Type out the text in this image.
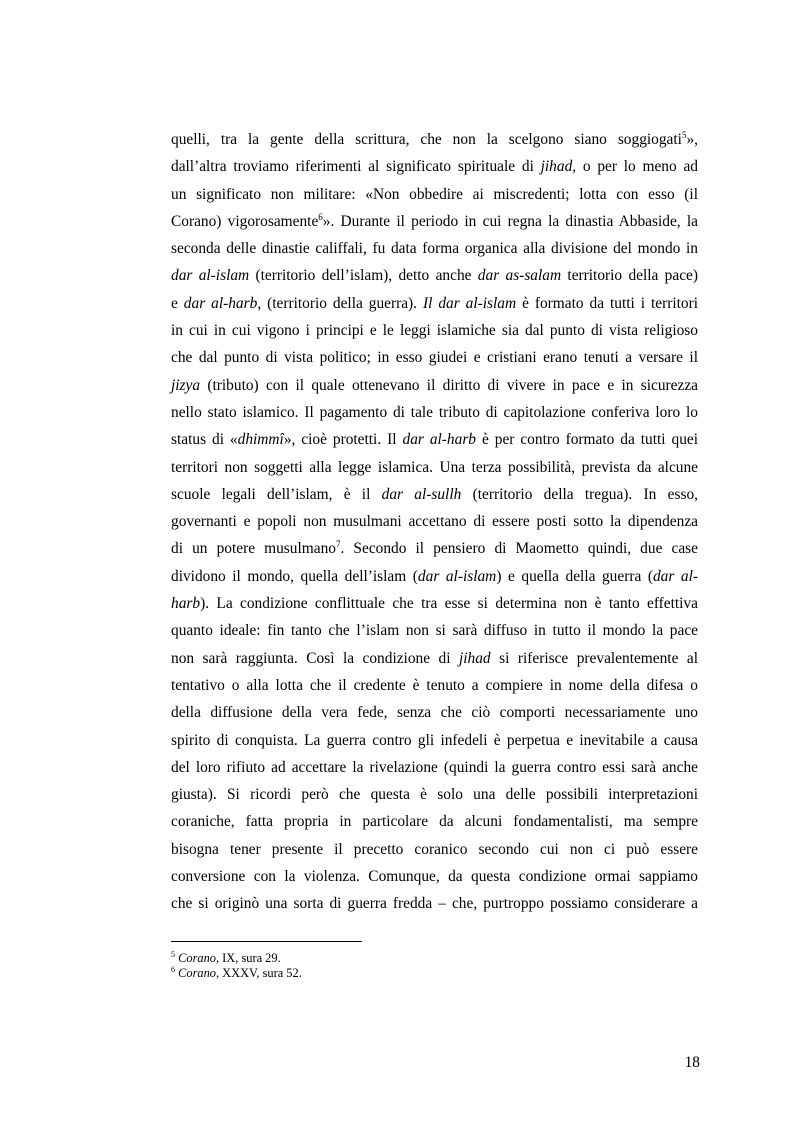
quelli, tra la gente della scrittura, che non la scelgono siano soggiogati$^5$»,
dall’altra troviamo riferimenti al significato spirituale di jihad, o per lo meno ad
un significato non militare: «Non obbedire ai miscredenti; lotta con esso (il
Corano) vigorosamente$^6$». Durante il periodo in cui regna la dinastia Abbaside, la
seconda delle dinastie califfali, fu data forma organica alla divisione del mondo in
dar al-islam (territorio dell’islam), detto anche dar as-salam territorio della pace)
e dar al-harb, (territorio della guerra). Il dar al-islam è formato da tutti i territori
in cui in cui vigono i principi e le leggi islamiche sia dal punto di vista religioso
che dal punto di vista politico; in esso giudei e cristiani erano tenuti a versare il
jizya (tributo) con il quale ottenevano il diritto di vivere in pace e in sicurezza
nello stato islamico. Il pagamento di tale tributo di capitolazione conferiva loro lo
status di «dhimmî», cioè protetti. Il dar al-harb è per contro formato da tutti quei
territori non soggetti alla legge islamica. Una terza possibilità, prevista da alcune
scuole legali dell’islam, è il dar al-sullh (territorio della tregua). In esso,
governanti e popoli non musulmani accettano di essere posti sotto la dipendenza
di un potere musulmano$^7$. Secondo il pensiero di Maometto quindi, due case
dividono il mondo, quella dell’islam (dar al-islam) e quella della guerra (dar al-
harb). La condizione conflittuale che tra esse si determina non è tanto effettiva
quanto ideale: fin tanto che l’islam non si sarà diffuso in tutto il mondo la pace
non sarà raggiunta. Così la condizione di jihad si riferisce prevalentemente al
tentativo o alla lotta che il credente è tenuto a compiere in nome della difesa o
della diffusione della vera fede, senza che ciò comporti necessariamente uno
spirito di conquista. La guerra contro gli infedeli è perpetua e inevitabile a causa
del loro rifiuto ad accettare la rivelazione (quindi la guerra contro essi sarà anche
giusta). Si ricordi però che questa è solo una delle possibili interpretazioni
coraniche, fatta propria in particolare da alcuni fondamentalisti, ma sempre
bisogna tener presente il precetto coranico secondo cui non ci può essere
conversione con la violenza. Comunque, da questa condizione ormai sappiamo
che si originò una sorta di guerra fredda – che, purtroppo possiamo considerare a
$^5$ Corano, IX, sura 29.
$^6$ Corano, XXXV, sura 52.
18
